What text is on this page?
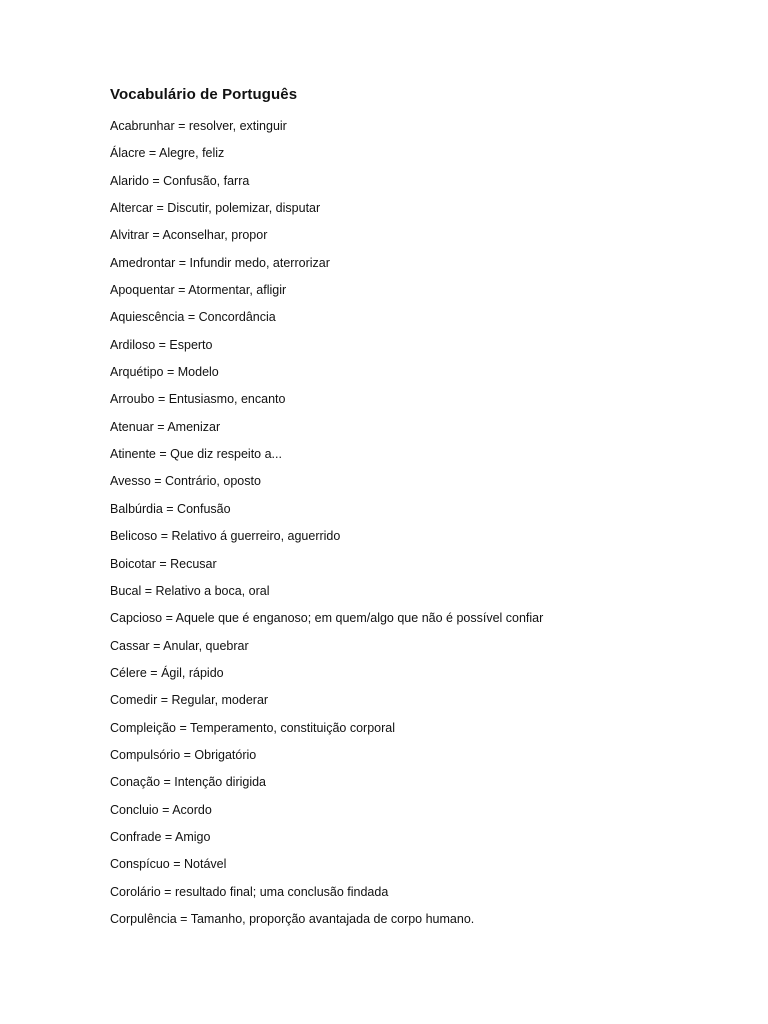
Vocabulário de Português
Acabrunhar = resolver, extinguir
Álacre = Alegre, feliz
Alarido = Confusão, farra
Altercar = Discutir, polemizar, disputar
Alvitrar = Aconselhar, propor
Amedrontar = Infundir medo, aterrorizar
Apoquentar = Atormentar, afligir
Aquiescência = Concordância
Ardiloso = Esperto
Arquétipo = Modelo
Arroubo = Entusiasmo, encanto
Atenuar = Amenizar
Atinente = Que diz respeito a...
Avesso = Contrário, oposto
Balbúrdia = Confusão
Belicoso = Relativo á guerreiro, aguerrido
Boicotar = Recusar
Bucal = Relativo a boca, oral
Capcioso = Aquele que é enganoso; em quem/algo que não é possível confiar
Cassar = Anular, quebrar
Célere = Ágil, rápido
Comedir = Regular, moderar
Compleição = Temperamento, constituição corporal
Compulsório = Obrigatório
Conação = Intenção dirigida
Concluio = Acordo
Confrade = Amigo
Conspícuo = Notável
Corolário = resultado final; uma conclusão findada
Corpulência = Tamanho, proporção avantajada de corpo humano.
